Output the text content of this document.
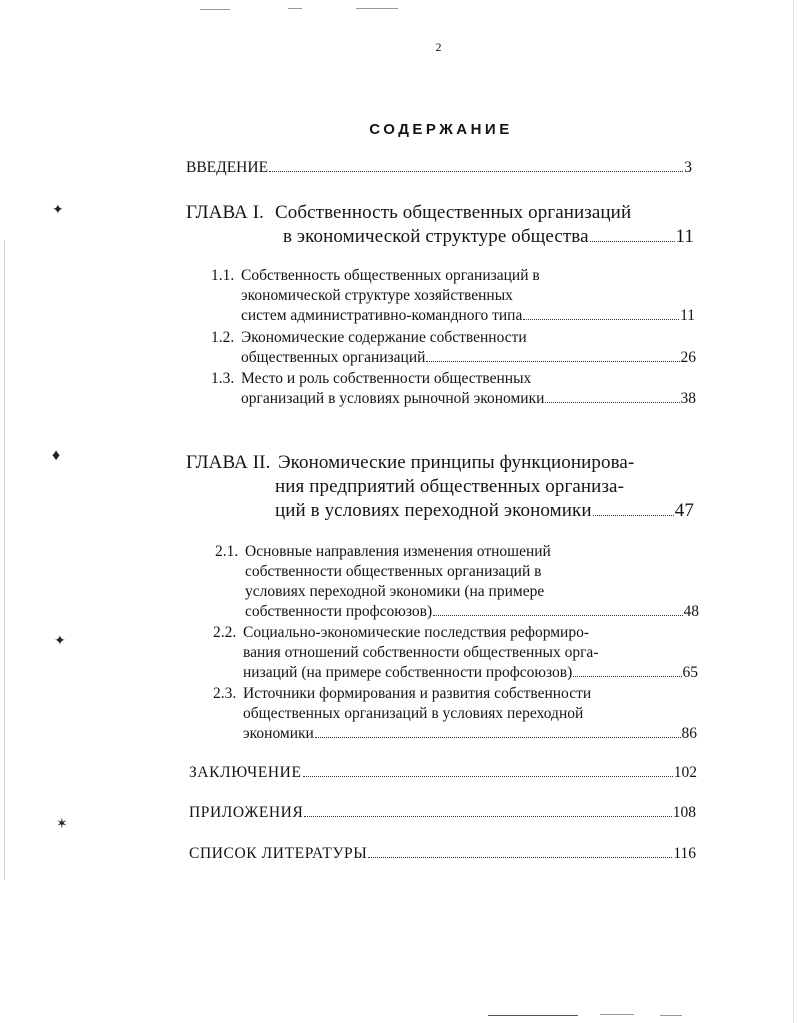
✦
♦
✦
✶
2
СОДЕРЖАНИЕ
ВВЕДЕНИЕ	3
ГЛАВА I. Собственность общественных организаций
в экономической структуре общества	11
1.1. Собственность общественных организаций в
экономической структуре хозяйственных
систем административно-командного типа	11
1.2. Экономические содержание собственности
общественных организаций	26
1.3. Место и роль собственности общественных
организаций в условиях рыночной экономики	38
ГЛАВА II. Экономические принципы функционирова-
ния предприятий общественных организа-
ций в условиях переходной экономики	47
2.1. Основные направления изменения отношений
собственности общественных организаций в
условиях переходной экономики (на примере
собственности профсоюзов)	48
2.2. Социально-экономические последствия реформиро-
вания отношений собственности общественных орга-
низаций (на примере собственности профсоюзов)	65
2.3. Источники формирования и развития собственности
общественных организаций в условиях переходной
экономики	86
ЗАКЛЮЧЕНИЕ	102
ПРИЛОЖЕНИЯ	108
СПИСОК ЛИТЕРАТУРЫ	116
